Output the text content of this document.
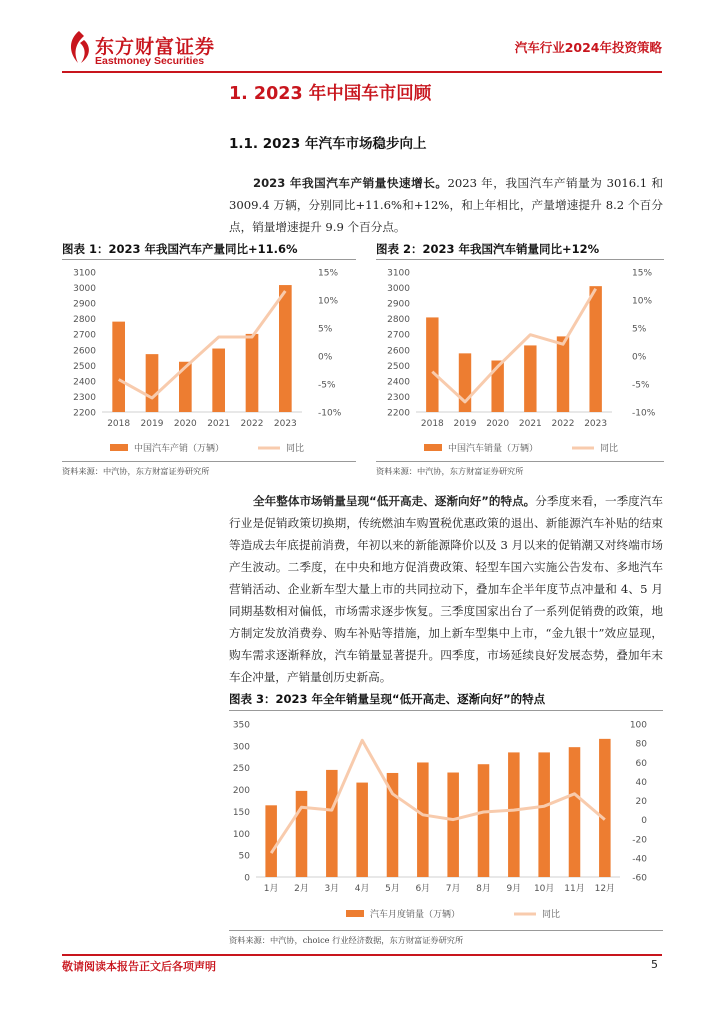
东方财富证券
Eastmoney Securities
汽车行业2024年投资策略
1. 2023 年中国车市回顾
1.1. 2023 年汽车市场稳步向上
2023 年我国汽车产销量快速增长。2023 年，我国汽车产销量为 3016.1 和 3009.4 万辆，分别同比+11.6%和+12%，和上年相比，产量增速提升 8.2 个百分点，销量增速提升 9.9 个百分点。
图表 1：2023 年我国汽车产量同比+11.6%
2200
2300
2400
2500
2600
2700
2800
2900
3000
3100
-10%
-5%
0%
5%
10%
15%
2018 2019 2020 2021 2022 2023
中国汽车产销（万辆）	同比
资料来源：中汽协，东方财富证券研究所
图表 2：2023 年我国汽车销量同比+12%
2200
2300
2400
2500
2600
2700
2800
2900
3000
3100
-10%
-5%
0%
5%
10%
15%
2018 2019 2020 2021 2022 2023
中国汽车销量（万辆）	同比
资料来源：中汽协，东方财富证券研究所
全年整体市场销量呈现“低开高走、逐渐向好”的特点。分季度来看，一季度汽车行业是促销政策切换期，传统燃油车购置税优惠政策的退出、新能源汽车补贴的结束等造成去年底提前消费，年初以来的新能源降价以及 3 月以来的促销潮又对终端市场产生波动。二季度，在中央和地方促消费政策、轻型车国六实施公告发布、多地汽车营销活动、企业新车型大量上市的共同拉动下，叠加车企半年度节点冲量和 4、5 月同期基数相对偏低，市场需求逐步恢复。三季度国家出台了一系列促销费的政策，地方制定发放消费券、购车补贴等措施，加上新车型集中上市，“金九银十”效应显现，购车需求逐渐释放，汽车销量显著提升。四季度，市场延续良好发展态势，叠加年末车企冲量，产销量创历史新高。
图表 3：2023 年全年销量呈现“低开高走、逐渐向好”的特点
0
50
100
150
200
250
300
350
-60
-40
-20
0
20
40
60
80
100
1月 2月 3月 4月 5月 6月 7月 8月 9月 10月 11月 12月
汽车月度销量（万辆）	同比
资料来源：中汽协，choice 行业经济数据，东方财富证券研究所
敬请阅读本报告正文后各项声明	5
